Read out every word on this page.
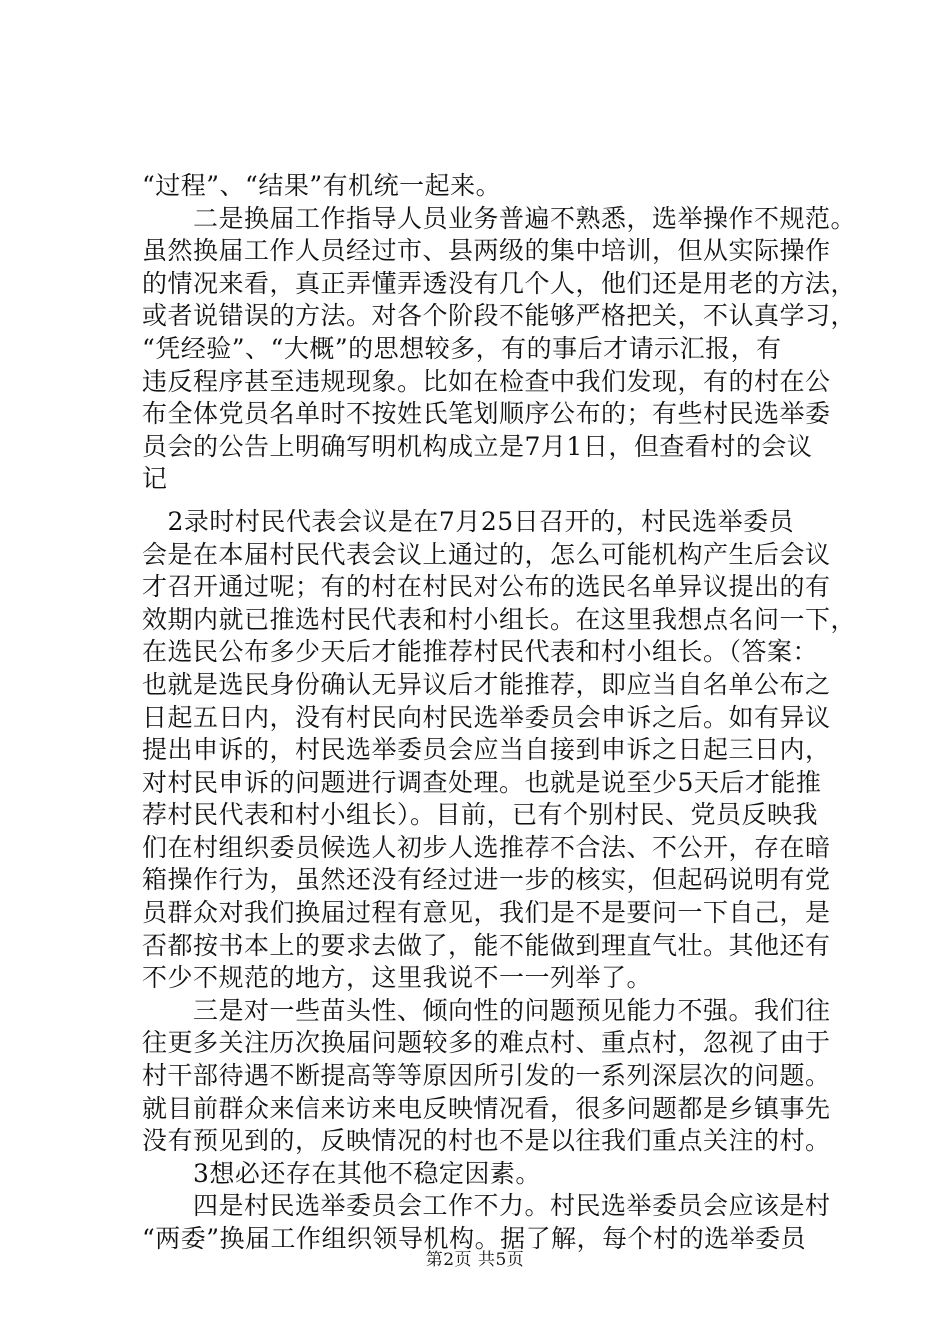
“过程”、“结果”有机统一起来。
　　二是换届工作指导人员业务普遍不熟悉，选举操作不规范。
虽然换届工作人员经过市、县两级的集中培训，但从实际操作
的情况来看，真正弄懂弄透没有几个人，他们还是用老的方法，
或者说错误的方法。对各个阶段不能够严格把关，不认真学习，
“凭经验”、“大概”的思想较多，有的事后才请示汇报，有
违反程序甚至违规现象。比如在检查中我们发现，有的村在公
布全体党员名单时不按姓氏笔划顺序公布的；有些村民选举委
员会的公告上明确写明机构成立是7月1日，但查看村的会议
记
　2录时村民代表会议是在7月25日召开的，村民选举委员
会是在本届村民代表会议上通过的，怎么可能机构产生后会议
才召开通过呢；有的村在村民对公布的选民名单异议提出的有
效期内就已推选村民代表和村小组长。在这里我想点名问一下，
在选民公布多少天后才能推荐村民代表和村小组长。（答案：
也就是选民身份确认无异议后才能推荐，即应当自名单公布之
日起五日内，没有村民向村民选举委员会申诉之后。如有异议
提出申诉的，村民选举委员会应当自接到申诉之日起三日内，
对村民申诉的问题进行调查处理。也就是说至少5天后才能推
荐村民代表和村小组长）。目前，已有个别村民、党员反映我
们在村组织委员候选人初步人选推荐不合法、不公开，存在暗
箱操作行为，虽然还没有经过进一步的核实，但起码说明有党
员群众对我们换届过程有意见，我们是不是要问一下自己，是
否都按书本上的要求去做了，能不能做到理直气壮。其他还有
不少不规范的地方，这里我说不一一列举了。
　　三是对一些苗头性、倾向性的问题预见能力不强。我们往
往更多关注历次换届问题较多的难点村、重点村，忽视了由于
村干部待遇不断提高等等原因所引发的一系列深层次的问题。
就目前群众来信来访来电反映情况看，很多问题都是乡镇事先
没有预见到的，反映情况的村也不是以往我们重点关注的村。
　　3想必还存在其他不稳定因素。
　　四是村民选举委员会工作不力。村民选举委员会应该是村
“两委”换届工作组织领导机构。据了解，每个村的选举委员
第2页 共5页
